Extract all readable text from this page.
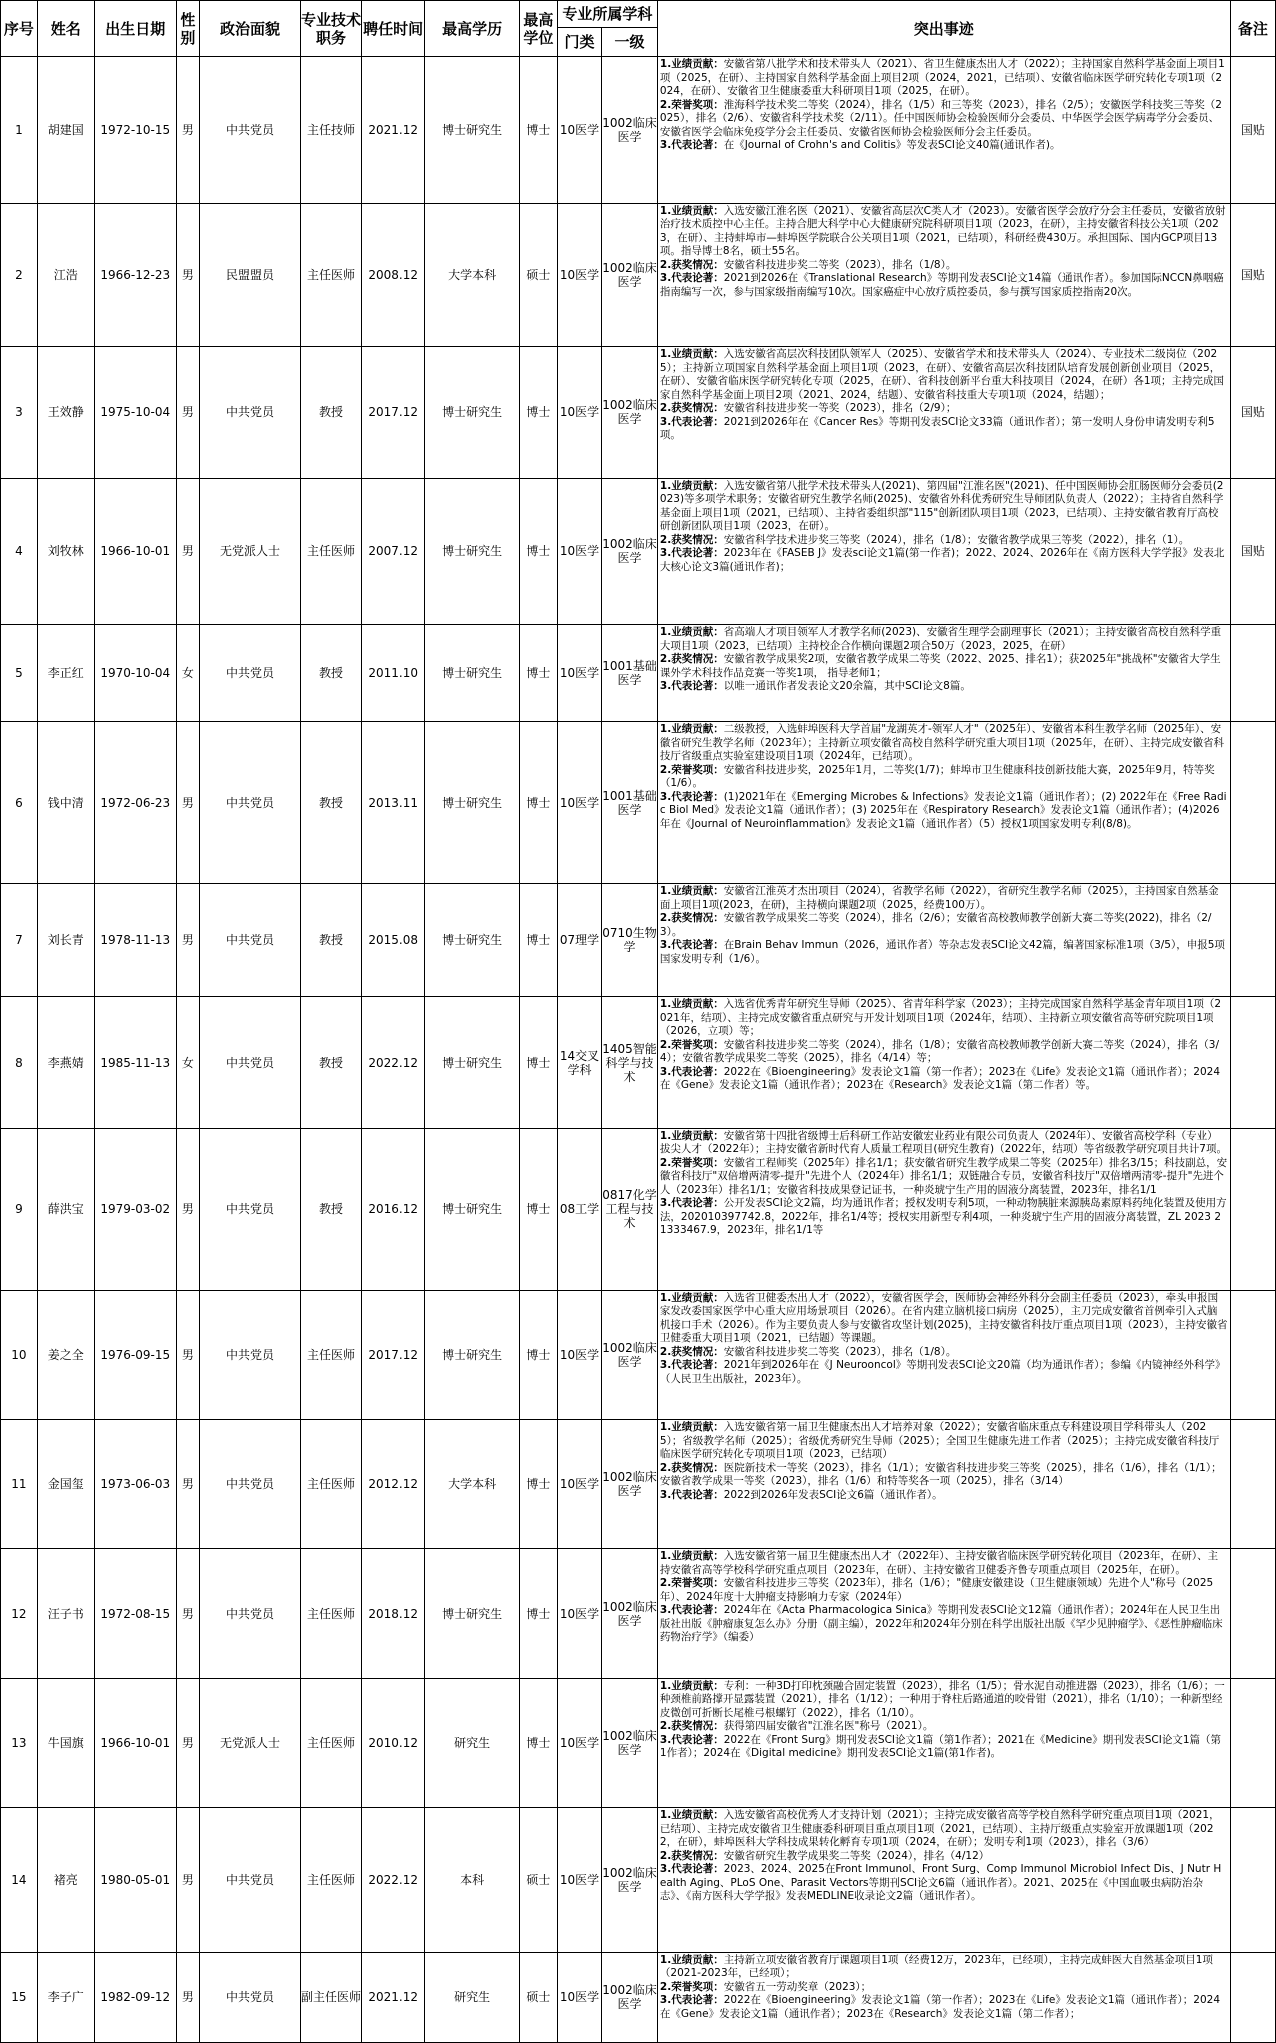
序号	姓名	出生日期	性别	政治面貌	专业技术职务	聘任时间	最高学历	最高学位	专业所属学科		突出事迹	备注
									门类	一级		
1	胡建国	1972-10-15	男	中共党员	主任技师	2021.12	博士研究生	博士	10医学	1002临床医学	1.业绩贡献：安徽省第八批学术和技术带头人（2021）、省卫生健康杰出人才（2022）；主持国家自然科学基金面上项目1项（2025，在研）、主持国家自然科学基金面上项目2项（2024，2021，已结项）、安徽省临床医学研究转化专项1项（2024，在研）、安徽省卫生健康委重大科研项目1项（2025，在研）。

2.荣誉奖项：淮海科学技术奖二等奖（2024），排名（1/5）和三等奖（2023），排名（2/5）；安徽医学科技奖三等奖（2025），排名（2/6）、安徽省科学技术奖（2/11）。任中国医师协会检验医师分会委员、中华医学会医学病毒学分会委员、安徽省医学会临床免疫学分会主任委员、安徽省医师协会检验医师分会主任委员。

3.代表论著：在《Journal of Crohn's and Colitis》等发表SCI论文40篇(通讯作者)。	国贴
2	江浩	1966-12-23	男	民盟盟员	主任医师	2008.12	大学本科	硕士	10医学	1002临床医学	1.业绩贡献：入选安徽江淮名医（2021）、安徽省高层次C类人才（2023）。安徽省医学会放疗分会主任委员，安徽省放射治疗技术质控中心主任。主持合肥大科学中心大健康研究院科研项目1项（2023，在研），主持安徽省科技公关1项（2023，在研）、主持蚌埠市—蚌埠医学院联合公关项目1项（2021，已结项），科研经费430万。承担国际、国内GCP项目13项。指导博士8名，硕士55名。

2.获奖情况：安徽省科技进步奖二等奖（2023），排名（1/8）。

3.代表论著：2021到2026在《Translational Research》等期刊发表SCI论文14篇（通讯作者）。参加国际NCCN鼻咽癌指南编写一次，参与国家级指南编写10次。国家癌症中心放疗质控委员，参与撰写国家质控指南20次。	国贴
3	王效静	1975-10-04	男	中共党员	教授	2017.12	博士研究生	博士	10医学	1002临床医学	1.业绩贡献：入选安徽省高层次科技团队领军人（2025）、安徽省学术和技术带头人（2024）、专业技术二级岗位（2025）；主持新立项国家自然科学基金面上项目1项（2023，在研）、安徽省高层次科技团队培育发展创新创业项目（2025，在研）、安徽省临床医学研究转化专项（2025，在研）、省科技创新平台重大科技项目（2024，在研）各1项；主持完成国家自然科学基金面上项目2项（2021、2024，结题）、安徽省科技重大专项1项（2024，结题）；

2.获奖情况：安徽省科技进步奖一等奖（2023），排名（2/9）；

3.代表论著：2021到2026年在《Cancer Res》等期刊发表SCI论文33篇（通讯作者）；第一发明人身份申请发明专利5项。	国贴
4	刘牧林	1966-10-01	男	无党派人士	主任医师	2007.12	博士研究生	博士	10医学	1002临床医学	1.业绩贡献：入选安徽省第八批学术技术带头人(2021)、第四届"江淮名医"(2021)、任中国医师协会肛肠医师分会委员(2023)等多项学术职务；安徽省研究生教学名师(2025)、安徽省外科优秀研究生导师团队负责人（2022）；主持省自然科学基金面上项目1项（2021，已结项）、主持省委组织部"115"创新团队项目1项（2023，已结项）、主持安徽省教育厅高校研创新团队项目1项（2023，在研）。

2.获奖情况：安徽省科学技术进步奖三等奖（2024），排名（1/8）；安徽省教学成果三等奖（2022），排名（1）。

3.代表论著：2023年在《FASEB J》发表sci论文1篇(第一作者)；2022、2024、2026年在《南方医科大学学报》发表北大核心论文3篇(通讯作者)；	国贴
5	李正红	1970-10-04	女	中共党员	教授	2011.10	博士研究生	博士	10医学	1001基础医学	1.业绩贡献：省高端人才项目领军人才教学名师(2023)、安徽省生理学会副理事长（2021）；主持安徽省高校自然科学重大项目1项（2023，已结项）主持校企合作横向课题2项合50万（2023，2025，在研）

2.获奖情况：安徽省教学成果奖2项，安徽省教学成果二等奖（2022、2025、排名1）；获2025年"挑战杯"安徽省大学生课外学术科技作品竞赛一等奖1项， 指导老师1；

3.代表论著：以唯一通讯作者发表论文20余篇，其中SCI论文8篇。	

6	钱中清	1972-06-23	男	中共党员	教授	2013.11	博士研究生	博士	10医学	1001基础医学	1.业绩贡献：二级教授，入选蚌埠医科大学首届"龙湖英才-领军人才"（2025年）、安徽省本科生教学名师（2025年）、安徽省研究生教学名师（2023年）；主持新立项安徽省高校自然科学研究重大项目1项（2025年，在研）、主持完成安徽省科技厅省级重点实验室建设项目1项（2024年，已结项）。

2.荣誉奖项：安徽省科技进步奖，2025年1月，二等奖(1/7)；蚌埠市卫生健康科技创新技能大赛，2025年9月，特等奖（1/6）。

3.代表论著：(1)2021年在《Emerging Microbes & Infections》发表论文1篇（通讯作者）；(2) 2022年在《Free Radic Biol Med》发表论文1篇（通讯作者）；(3) 2025年在《Respiratory Research》发表论文1篇（通讯作者）；(4)2026年在《Journal of Neuroinflammation》发表论文1篇（通讯作者）（5）授权1项国家发明专利(8/8)。	

7	刘长青	1978-11-13	男	中共党员	教授	2015.08	博士研究生	博士	07理学	0710生物学	1.业绩贡献：安徽省江淮英才杰出项目（2024），省教学名师（2022），省研究生教学名师（2025），主持国家自然基金面上项目1项(2023，在研)，主持横向课题2项（2025，经费100万）。

2.获奖情况：安徽省教学成果奖二等奖（2024），排名（2/6）；安徽省高校教师教学创新大赛二等奖(2022)，排名（2/3）。

3.代表论著：在Brain Behav Immun（2026，通讯作者）等杂志发表SCI论文42篇，编著国家标准1项（3/5），申报5项国家发明专利（1/6）。	

8	李燕婧	1985-11-13	女	中共党员	教授	2022.12	博士研究生	博士	14交叉学科	1405智能科学与技术	1.业绩贡献：入选省优秀青年研究生导师（2025）、省青年科学家（2023）；主持完成国家自然科学基金青年项目1项（2021年，结项）、主持完成安徽省重点研究与开发计划项目1项（2024年，结项）、主持新立项安徽省高等研究院项目1项（2026，立项）等；

2.荣誉奖项：安徽省科技进步奖二等奖（2024），排名（1/8）；安徽省高校教师教学创新大赛二等奖（2024），排名（3/4）；安徽省教学成果奖二等奖（2025），排名（4/14）等；

3.代表论著：2022在《Bioengineering》发表论文1篇（第一作者）；2023在《Life》发表论文1篇（通讯作者）；2024在《Gene》发表论文1篇（通讯作者）；2023在《Research》发表论文1篇（第二作者）等。	

9	薛洪宝	1979-03-02	男	中共党员	教授	2016.12	博士研究生	博士	08工学	0817化学工程与技术	1.业绩贡献：安徽省第十四批省级博士后科研工作站安徽宏业药业有限公司负责人（2024年）、安徽省高校学科（专业）拔尖人才（2022年）；主持安徽省新时代育人质量工程项目(研究生教育)（2022年，结项）等省级教学研究项目共计7项。

2.荣誉奖项：安徽省工程师奖（2025年）排名1/1；获安徽省研究生教学成果二等奖（2025年）排名3/15；科技副总，安徽省科技厅"双倍增两清零-提升"先进个人（2024年）排名1/1；双链融合专员，安徽省科技厅"双倍增两清零-提升"先进个人（2023年）排名1/1；安徽省科技成果登记证书，一种炎琥宁生产用的固液分离装置，2023年，排名1/1

3.代表论著：公开发表SCI论文2篇，均为通讯作者；授权发明专利5项，一种动物胰脏来源胰岛素原料药纯化装置及使用方法，202010397742.8，2022年，排名1/4等；授权实用新型专利4项，一种炎琥宁生产用的固液分离装置，ZL 2023 2 1333467.9，2023年，排名1/1等	

10	姜之全	1976-09-15	男	中共党员	主任医师	2017.12	博士研究生	博士	10医学	1002临床医学	1.业绩贡献：入选省卫健委杰出人才（2022），安徽省医学会，医师协会神经外科分会副主任委员（2023），牵头申报国家发改委国家医学中心重大应用场景项目（2026）。在省内建立脑机接口病房（2025），主刀完成安徽省首例牵引入式脑机接口手术（2026）。作为主要负责人参与安徽省攻坚计划(2025)，主持安徽省科技厅重点项目1项（2023），主持安徽省卫健委重大项目1项（2021，已结题）等课题。

2.获奖情况：安徽省科技进步奖二等奖（2023），排名（1/8）。

3.代表论著：2021年到2026年在《J Neurooncol》等期刊发表SCI论文20篇（均为通讯作者）；参编《内镜神经外科学》（人民卫生出版社，2023年）。	

11	金国玺	1973-06-03	男	中共党员	主任医师	2012.12	大学本科	博士	10医学	1002临床医学	1.业绩贡献：入选安徽省第一届卫生健康杰出人才培养对象（2022）；安徽省临床重点专科建设项目学科带头人（2025）；省级教学名师（2025）；省级优秀研究生导师（2025）；全国卫生健康先进工作者（2025）；主持完成安徽省科技厅临床医学研究转化专项项目1项（2023，已结项）

2.获奖情况：医院新技术一等奖（2023），排名（1/1）；安徽省科技进步奖三等奖（2025），排名（1/6），排名（1/1）；安徽省教学成果一等奖（2023），排名（1/6）和特等奖各一项（2025），排名（3/14）

3.代表论著：2022到2026年发表SCI论文6篇（通讯作者）。	

12	汪子书	1972-08-15	男	中共党员	主任医师	2018.12	博士研究生	博士	10医学	1002临床医学	1.业绩贡献：入选安徽省第一届卫生健康杰出人才（2022年）、主持安徽省临床医学研究转化项目（2023年，在研）、主持安徽省高等学校科学研究重点项目（2023年，在研）、主持安徽省卫健委齐鲁专项重点项目（2025年，在研）。

2.荣誉奖项：安徽省科技进步三等奖（2023年），排名（1/6）；"健康安徽建设（卫生健康领域）先进个人"称号（2025年）、2024年度十大肿瘤支持影响力专家（2024年）

3.代表论著：2024年在《Acta Pharmacologica Sinica》等期刊发表SCI论文12篇（通讯作者）；2024年在人民卫生出版社出版《肿瘤康复怎么办》分册（副主编），2022年和2024年分别在科学出版社出版《罕少见肿瘤学》、《恶性肿瘤临床药物治疗学》（编委）	

13	牛国旗	1966-10-01	男	无党派人士	主任医师	2010.12	研究生	博士	10医学	1002临床医学	1.业绩贡献：专利：一种3D打印枕颈融合固定装置（2023），排名（1/5）；骨水泥自动推进器（2023），排名（1/6）；一种颈椎前路撑开显露装置（2021），排名（1/12）；一种用于脊柱后路通道的咬骨钳（2021），排名（1/10）；一种新型经皮微创可折断长尾椎弓根螺钉（2022），排名（1/10）。

2.获奖情况：获得第四届安徽省"江淮名医"称号（2021）。

3.代表论著：2022在《Front Surg》期刊发表SCI论文1篇（第1作者）；2021在《Medicine》期刊发表SCI论文1篇（第1作者）；2024在《Digital medicine》期刊发表SCI论文1篇(第1作者)。	

14	褚亮	1980-05-01	男	中共党员	主任医师	2022.12	本科	硕士	10医学	1002临床医学	1.业绩贡献：入选安徽省高校优秀人才支持计划（2021）；主持完成安徽省高等学校自然科学研究重点项目1项（2021，已结项）、主持完成安徽省卫生健康委科研项目重点项目1项（2021，已结项）、主持厅级重点实验室开放课题1项（2022，在研），蚌埠医科大学科技成果转化孵育专项1项（2024，在研）；发明专利1项（2023），排名（3/6）

2.获奖情况：安徽省研究生教学成果奖二等奖（2024），排名（4/12）

3.代表论著：2023、2024、2025在Front Immunol、Front Surg、Comp Immunol Microbiol Infect Dis、J Nutr Health Aging、PLoS One、Parasit Vectors等期刊SCI论文6篇（通讯作者）。2021、2025在《中国血吸虫病防治杂志》、《南方医科大学学报》发表MEDLINE收录论文2篇（通讯作者）。	

15	李子广	1982-09-12	男	中共党员	副主任医师	2021.12	研究生	硕士	10医学	1002临床医学	1.业绩贡献：主持新立项安徽省教育厅课题项目1项（经费12万，2023年，已经项），主持完成蚌医大自然基金项目1项（2021-2023年，已经项）；

2.荣誉奖项：安徽省五一劳动奖章（2023）；

3.代表论著：2022在《Bioengineering》发表论文1篇（第一作者）；2023在《Life》发表论文1篇（通讯作者）；2024在《Gene》发表论文1篇（通讯作者）；2023在《Research》发表论文1篇（第二作者）；	
